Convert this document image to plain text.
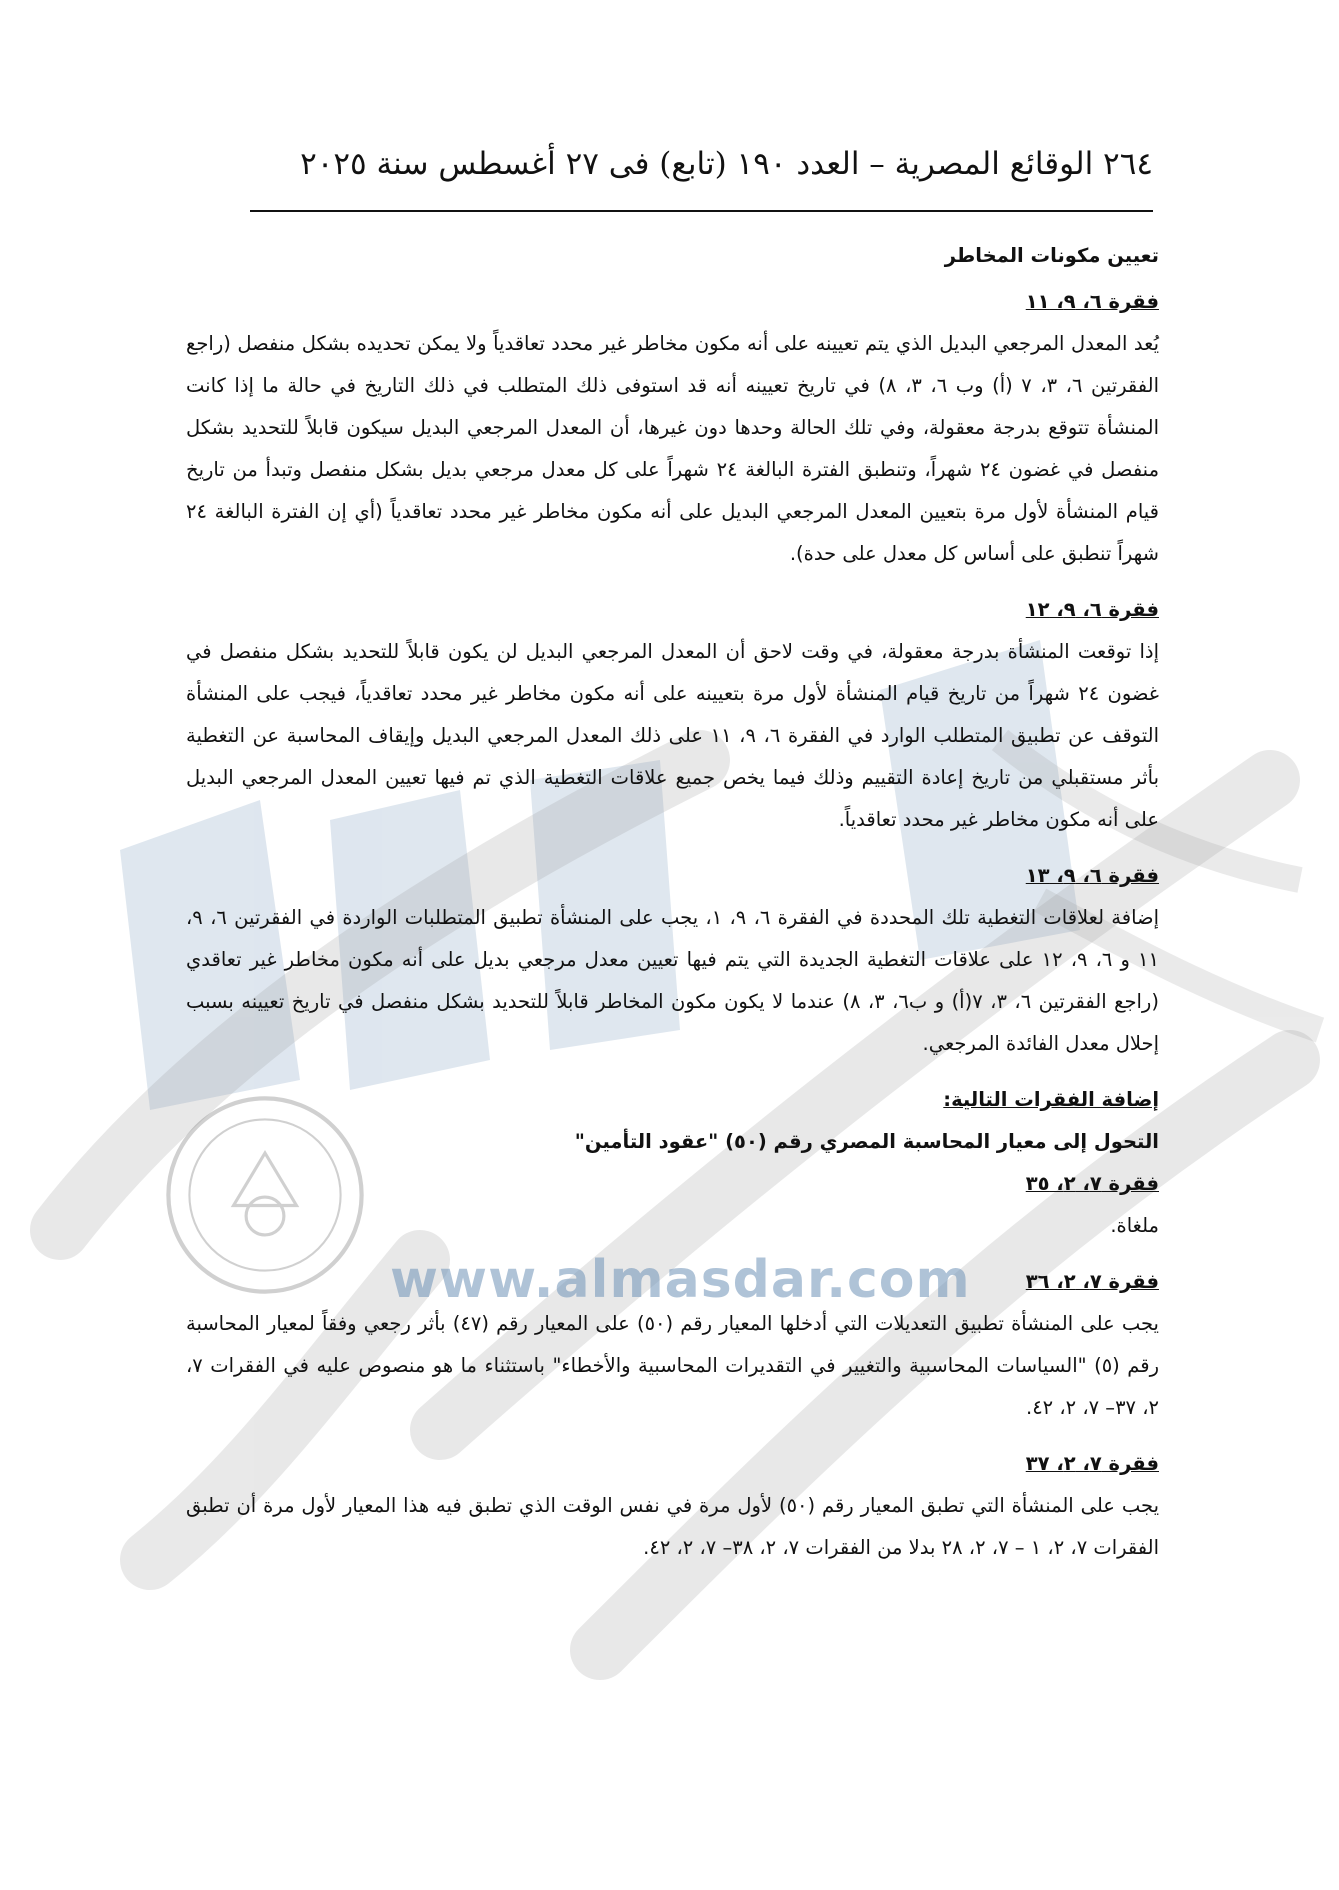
www.almasdar.com
٢٦٤ الوقائع المصرية – العدد ١٩٠ (تابع) فى ٢٧ أغسطس سنة ٢٠٢٥
تعيين مكونات المخاطر
فقرة ٦، ٩، ١١

يُعد المعدل المرجعي البديل الذي يتم تعيينه على أنه مكون مخاطر غير محدد تعاقدياً ولا يمكن تحديده بشكل منفصل (راجع الفقرتين ٦، ٣، ٧ (أ) وب ٦، ٣، ٨) في تاريخ تعيينه أنه قد استوفى ذلك المتطلب في ذلك التاريخ في حالة ما إذا كانت المنشأة تتوقع بدرجة معقولة، وفي تلك الحالة وحدها دون غيرها، أن المعدل المرجعي البديل سيكون قابلاً للتحديد بشكل منفصل في غضون ٢٤ شهراً، وتنطبق الفترة البالغة ٢٤ شهراً على كل معدل مرجعي بديل بشكل منفصل وتبدأ من تاريخ قيام المنشأة لأول مرة بتعيين المعدل المرجعي البديل على أنه مكون مخاطر غير محدد تعاقدياً (أي إن الفترة البالغة ٢٤ شهراً تنطبق على أساس كل معدل على حدة).

فقرة ٦، ٩، ١٢

إذا توقعت المنشأة بدرجة معقولة، في وقت لاحق أن المعدل المرجعي البديل لن يكون قابلاً للتحديد بشكل منفصل في غضون ٢٤ شهراً من تاريخ قيام المنشأة لأول مرة بتعيينه على أنه مكون مخاطر غير محدد تعاقدياً، فيجب على المنشأة التوقف عن تطبيق المتطلب الوارد في الفقرة ٦، ٩، ١١ على ذلك المعدل المرجعي البديل وإيقاف المحاسبة عن التغطية بأثر مستقبلي من تاريخ إعادة التقييم وذلك فيما يخص جميع علاقات التغطية الذي تم فيها تعيين المعدل المرجعي البديل على أنه مكون مخاطر غير محدد تعاقدياً.

فقرة ٦، ٩، ١٣

إضافة لعلاقات التغطية تلك المحددة في الفقرة ٦، ٩، ١، يجب على المنشأة تطبيق المتطلبات الواردة في الفقرتين ٦، ٩، ١١ و ٦، ٩، ١٢ على علاقات التغطية الجديدة التي يتم فيها تعيين معدل مرجعي بديل على أنه مكون مخاطر غير تعاقدي (راجع الفقرتين ٦، ٣، ٧(أ) و ب٦، ٣، ٨) عندما لا يكون مكون المخاطر قابلاً للتحديد بشكل منفصل في تاريخ تعيينه بسبب إحلال معدل الفائدة المرجعي.

إضافة الفقرات التالية:
التحول إلى معيار المحاسبة المصري رقم (٥٠) "عقود التأمين"
فقرة ٧، ٢، ٣٥

ملغاة.

فقرة ٧، ٢، ٣٦

يجب على المنشأة تطبيق التعديلات التي أدخلها المعيار رقم (٥٠) على المعيار رقم (٤٧) بأثر رجعي وفقاً لمعيار المحاسبة رقم (٥) "السياسات المحاسبية والتغيير في التقديرات المحاسبية والأخطاء" باستثناء ما هو منصوص عليه في الفقرات ٧، ٢، ٣٧– ٧، ٢، ٤٢.

فقرة ٧، ٢، ٣٧

يجب على المنشأة التي تطبق المعيار رقم (٥٠) لأول مرة في نفس الوقت الذي تطبق فيه هذا المعيار لأول مرة أن تطبق الفقرات ٧، ٢، ١ – ٧، ٢، ٢٨ بدلا من الفقرات ٧، ٢، ٣٨– ٧، ٢، ٤٢.
